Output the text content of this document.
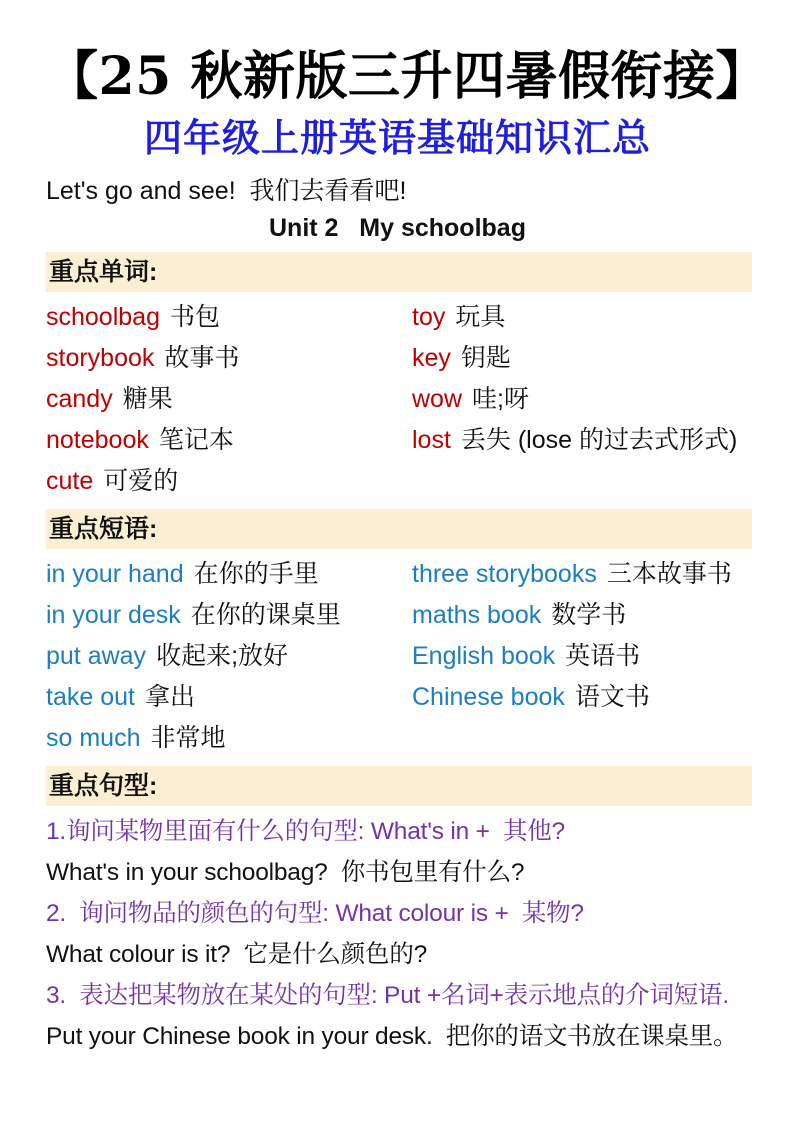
【25 秋新版三升四暑假衔接】
四年级上册英语基础知识汇总

Let's go and see!  我们去看看吧!

Unit 2   My schoolbag
重点单词:
schoolbag 书包	toy 玩具
storybook 故事书	key 钥匙
candy 糖果	wow 哇;呀
notebook 笔记本	lost 丢失 (lose 的过去式形式)
cute 可爱的
重点短语:
in your hand 在你的手里	three storybooks 三本故事书
in your desk 在你的课桌里	maths book 数学书
put away 收起来;放好	English book 英语书
take out 拿出	Chinese book 语文书
so much 非常地
重点句型:

1.询问某物里面有什么的句型: What's in +  其他?

What's in your schoolbag?  你书包里有什么?

2.  询问物品的颜色的句型: What colour is +  某物?

What colour is it?  它是什么颜色的?

3.  表达把某物放在某处的句型: Put +名词+表示地点的介词短语.

Put your Chinese book in your desk.  把你的语文书放在课桌里。
